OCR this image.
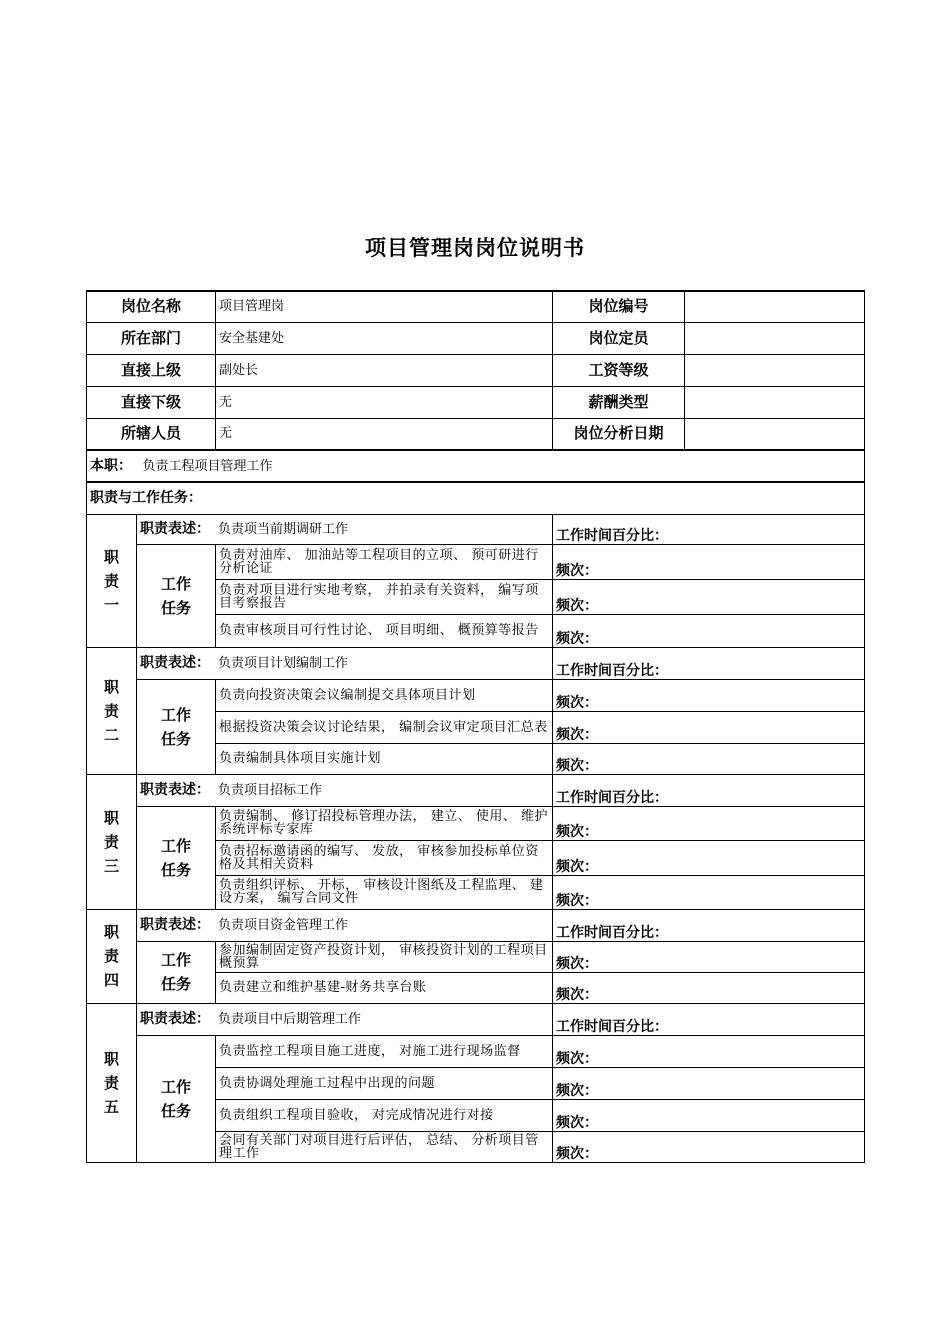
项目管理岗岗位说明书
岗位名称		项目管理岗	岗位编号	
所在部门		安全基建处	岗位定员	
直接上级		副处长	工资等级	
直接下级		无	薪酬类型	
所辖人员		无	岗位分析日期	
本职： 负责工程项目管理工作				
职责与工作任务：				

职
责
一	职责表述： 负责项当前期调研工作		工作时间百分比：	

	工作
任务	负责对油库、 加油站等工程项目的立项、 预可研进行分析论证	频次：	
		负责对项目进行实地考察， 并拍录有关资料， 编写项目考察报告	频次：	
		负责审核项目可行性讨论、 项目明细、 概预算等报告	频次：	

职
责
二	职责表述： 负责项目计划编制工作		工作时间百分比：	

	工作
任务	负责向投资决策会议编制提交具体项目计划	频次：	
		根据投资决策会议讨论结果， 编制会议审定项目汇总表	频次：	
		负责编制具体项目实施计划	频次：	

职
责
三	职责表述： 负责项目招标工作		工作时间百分比：	

	工作
任务	负责编制、 修订招投标管理办法， 建立、 使用、 维护系统评标专家库	频次：	
		负责招标邀请函的编写、 发放， 审核参加投标单位资格及其相关资料	频次：	
		负责组织评标、 开标， 审核设计图纸及工程监理、 建设方案， 编写合同文件	频次：	

职
责
四	职责表述： 负责项目资金管理工作		工作时间百分比：	

	工作
任务	参加编制固定资产投资计划， 审核投资计划的工程项目概预算	频次：	
		负责建立和维护基建-财务共享台账	频次：	

职
责
五	职责表述： 负责项目中后期管理工作		工作时间百分比：	

	工作
任务	负责监控工程项目施工进度， 对施工进行现场监督	频次：	
		负责协调处理施工过程中出现的问题	频次：	
		负责组织工程项目验收， 对完成情况进行对接	频次：	
		会同有关部门对项目进行后评估， 总结、 分析项目管理工作	频次：	
